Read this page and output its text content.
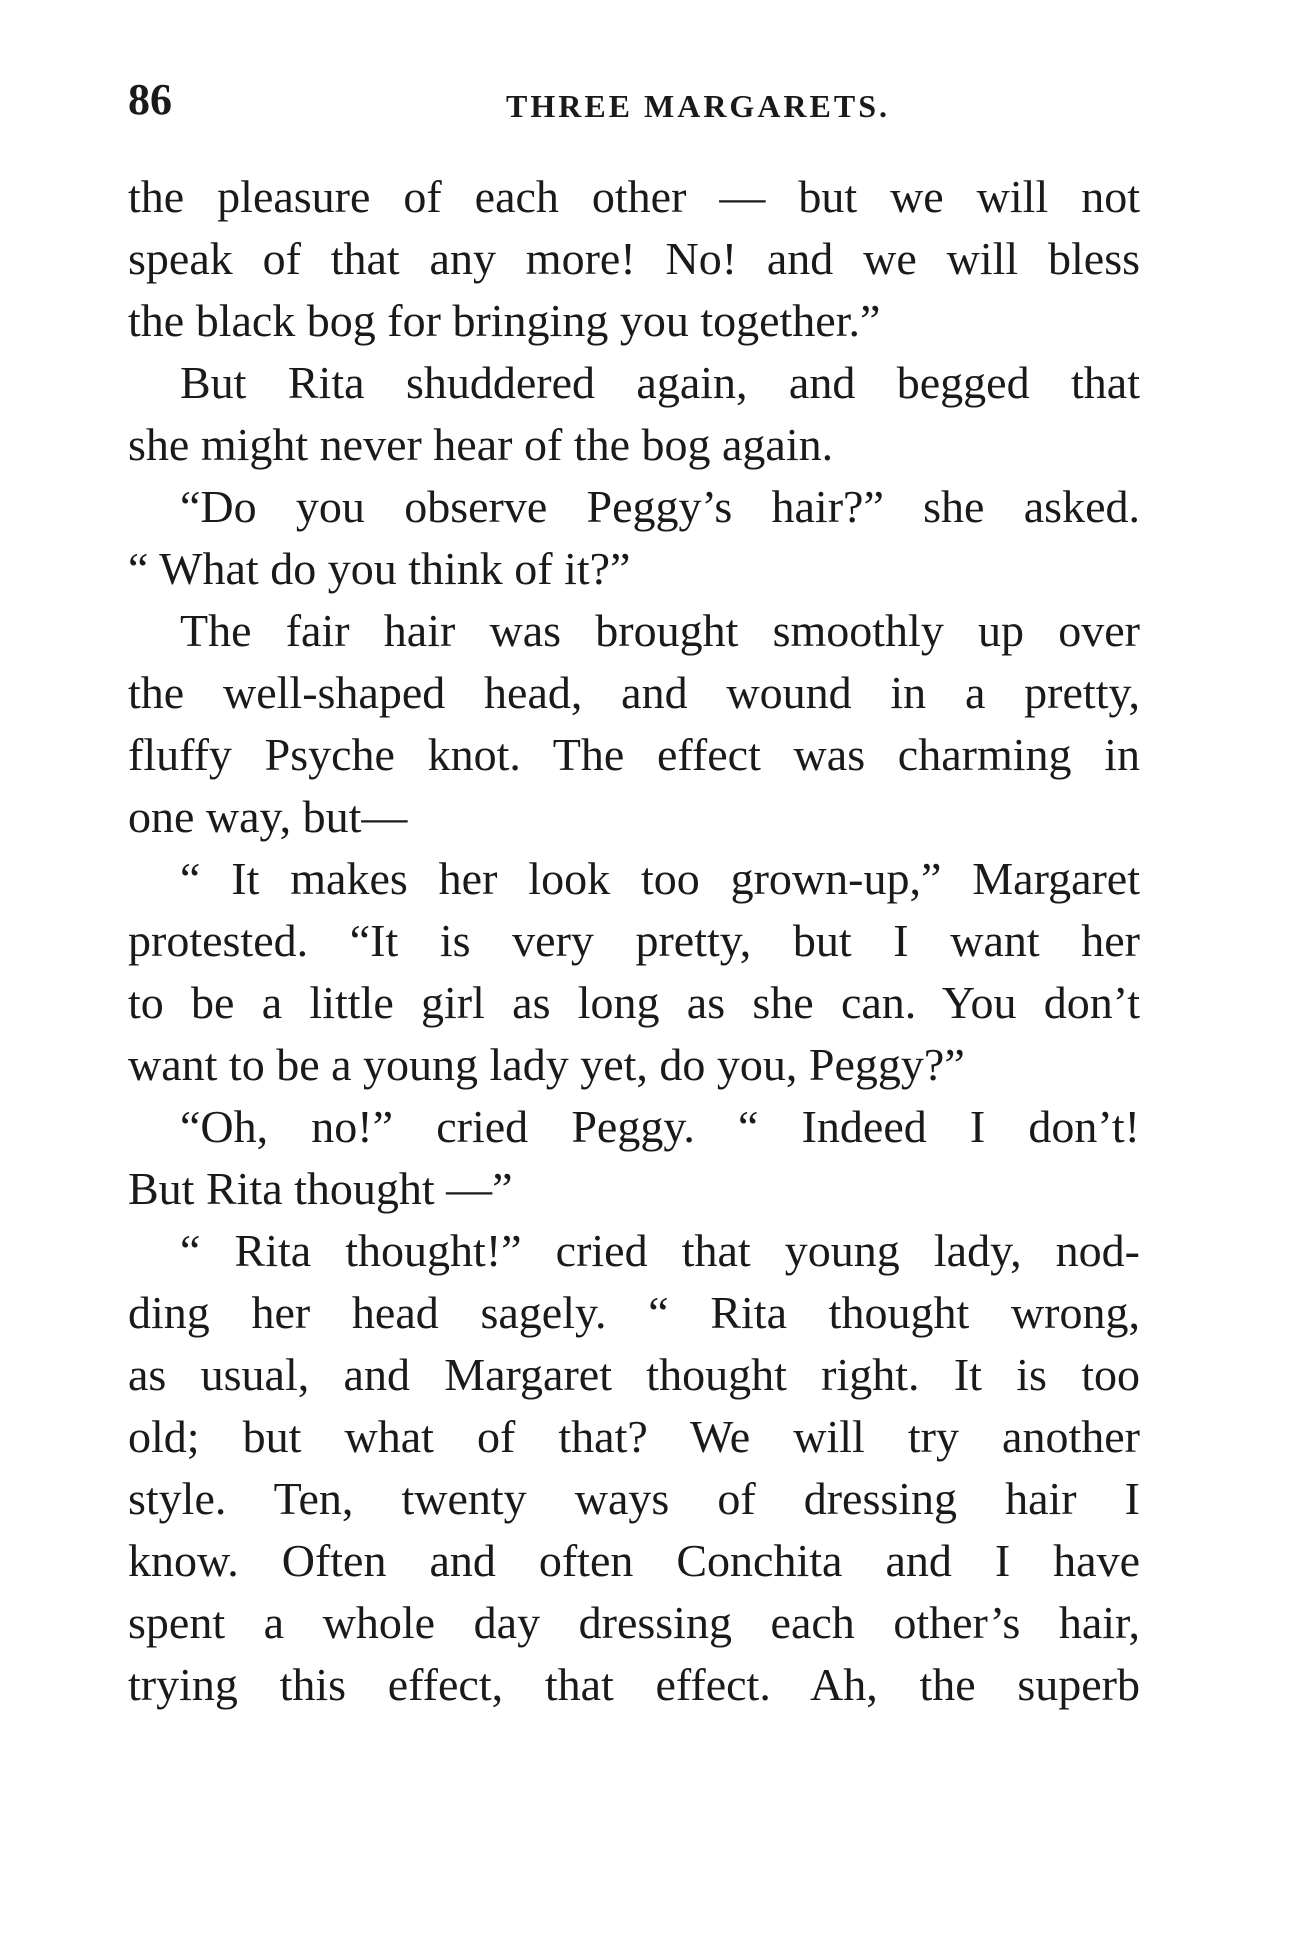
86	THREE MARGARETS.
the pleasure of each other — but we will not
speak of that any more! No! and we will bless
the black bog for bringing you together.”
But Rita shuddered again, and begged that
she might never hear of the bog again.
“Do you observe Peggy’s hair?” she asked.
“ What do you think of it?”
The fair hair was brought smoothly up over
the well-shaped head, and wound in a pretty,
fluffy Psyche knot. The effect was charming in
one way, but—
“ It makes her look too grown-up,” Margaret
protested. “It is very pretty, but I want her
to be a little girl as long as she can. You don’t
want to be a young lady yet, do you, Peggy?”
“Oh, no!” cried Peggy. “ Indeed I don’t!
But Rita thought —”
“ Rita thought!” cried that young lady, nod-
ding her head sagely. “ Rita thought wrong,
as usual, and Margaret thought right. It is too
old; but what of that? We will try another
style. Ten, twenty ways of dressing hair I
know. Often and often Conchita and I have
spent a whole day dressing each other’s hair,
trying this effect, that effect. Ah, the superb
